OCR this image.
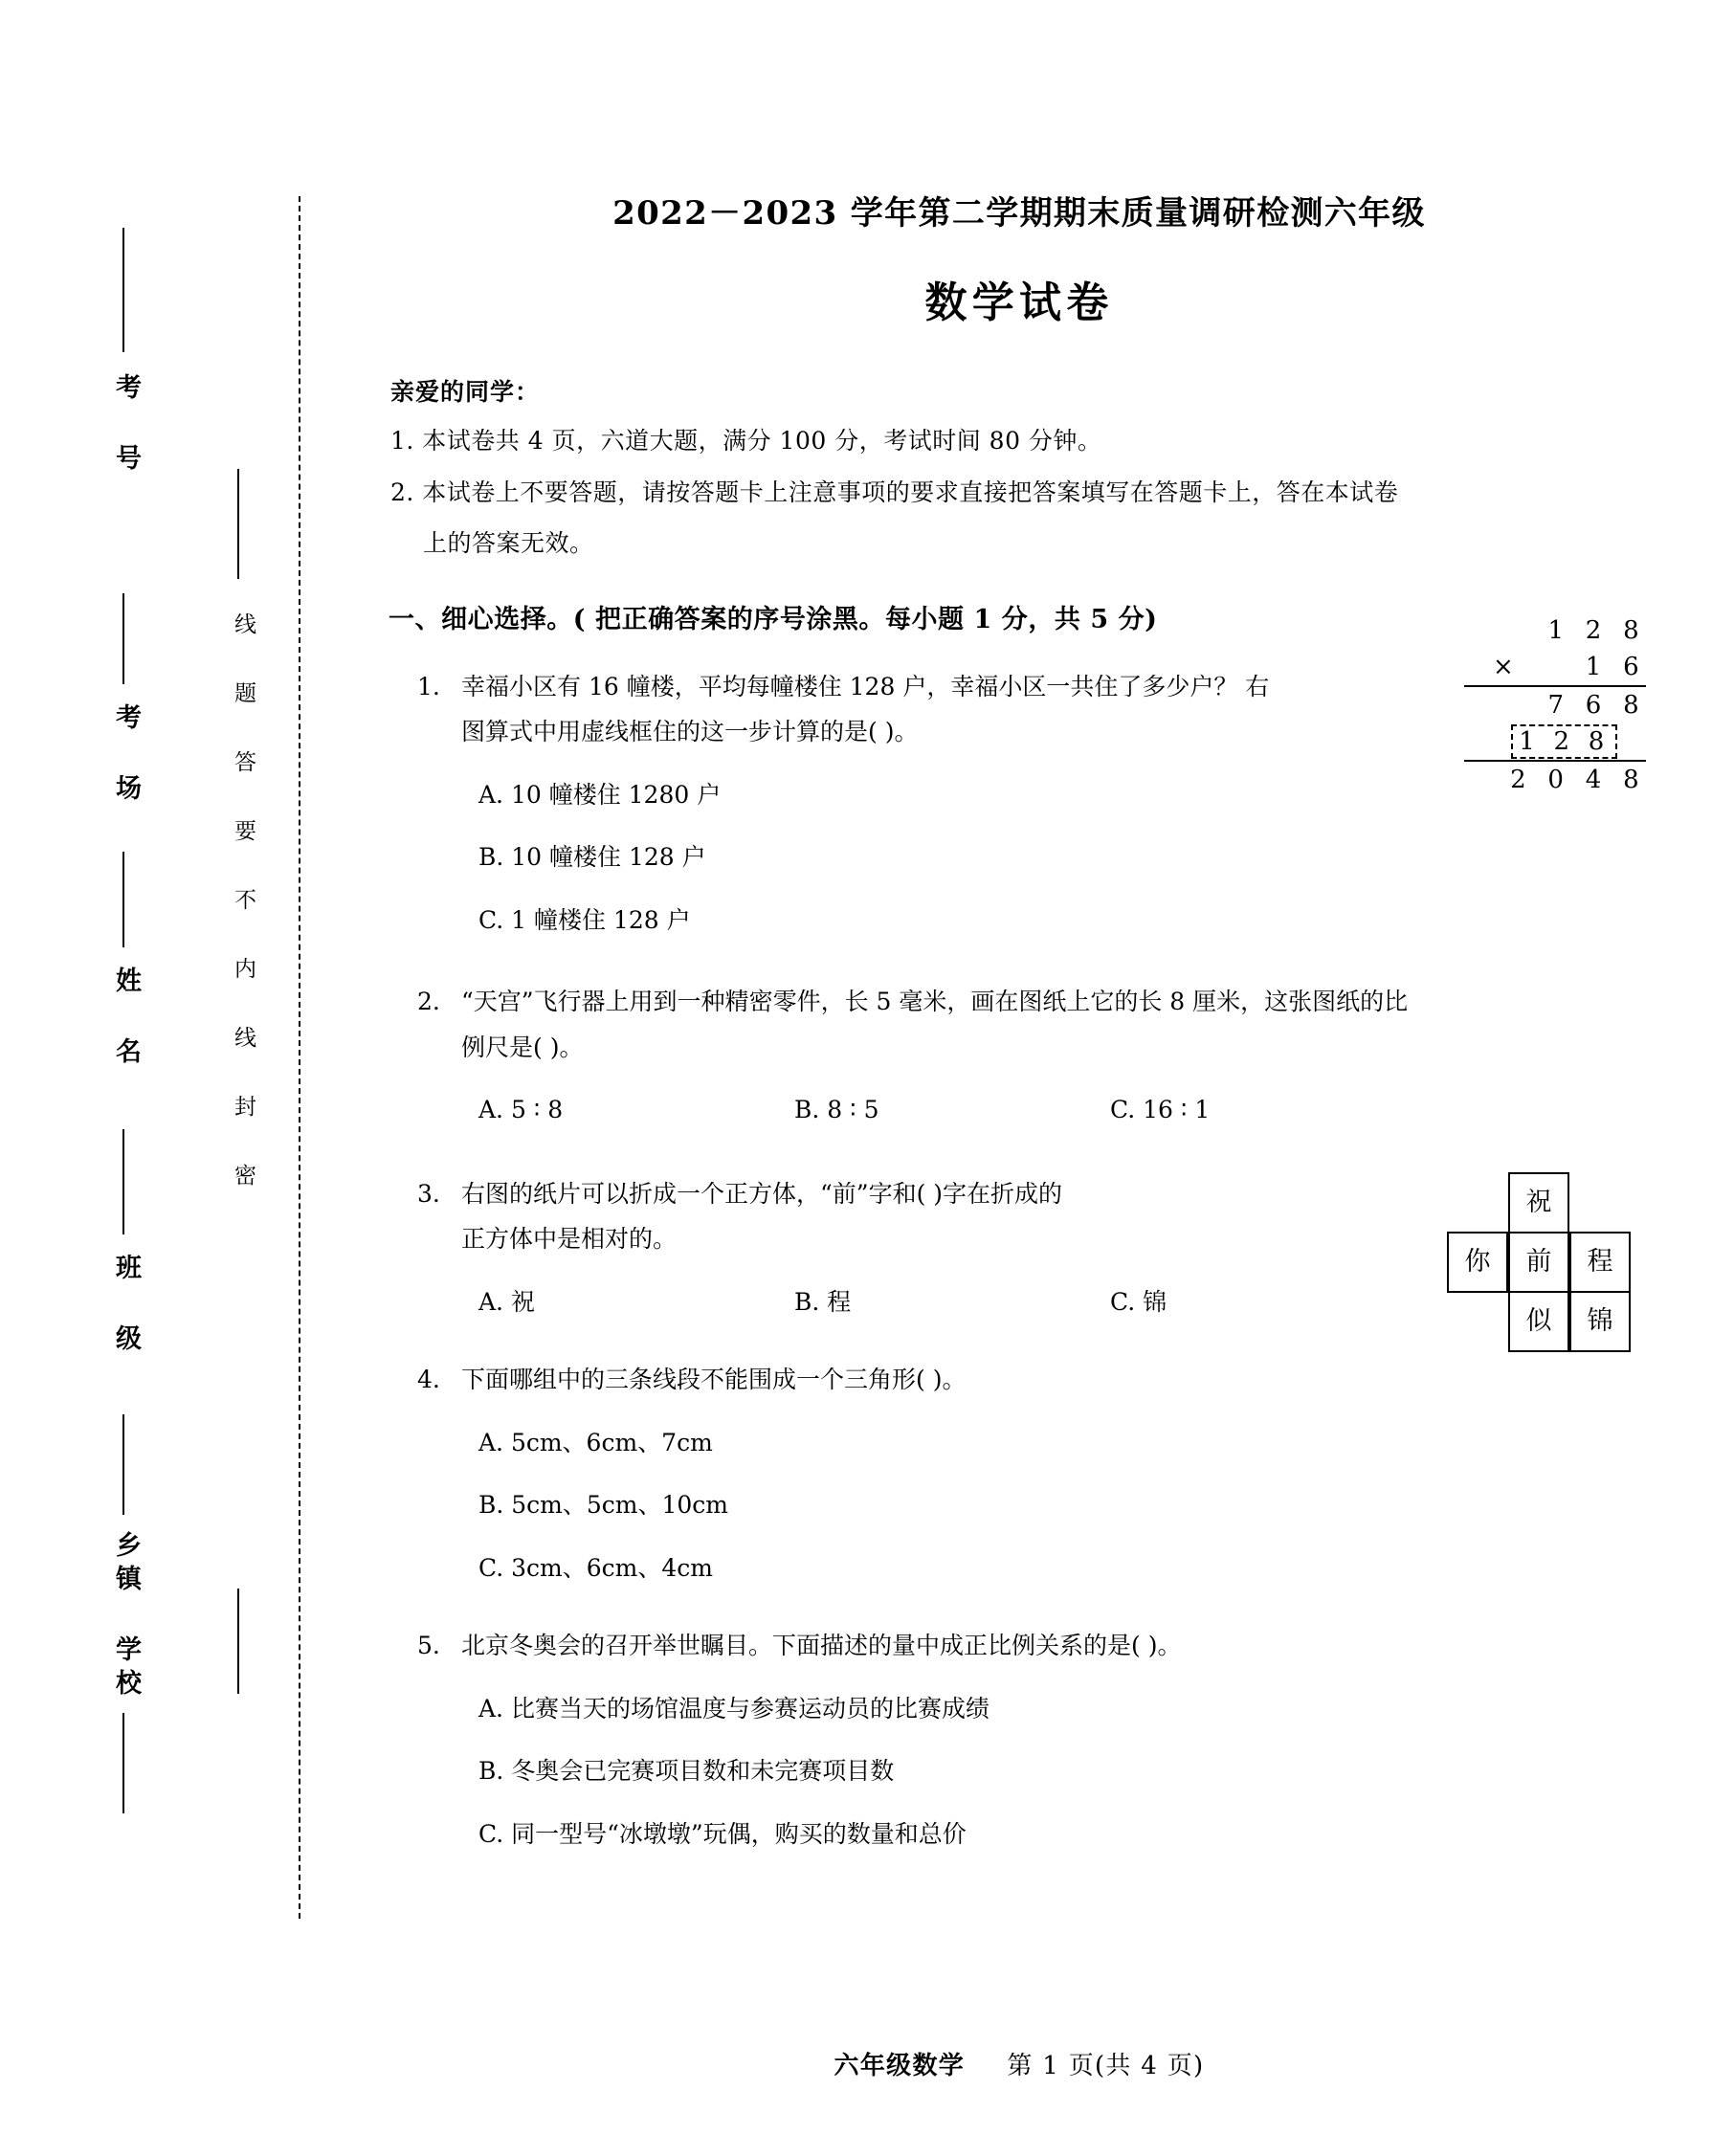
考 号
考 场
姓 名
班 级
乡镇 学校
线 题 答 要 不 内 线 封 密
2022－2023 学年第二学期期末质量调研检测六年级
数学试卷
亲爱的同学：
1. 本试卷共 4 页，六道大题，满分 100 分，考试时间 80 分钟。
2. 本试卷上不要答题，请按答题卡上注意事项的要求直接把答案填写在答题卡上，答在本试卷
上的答案无效。
一、细心选择。( 把正确答案的序号涂黑。每小题 1 分，共 5 分)
1. 幸福小区有 16 幢楼，平均每幢楼住 128 户，幸福小区一共住了多少户？ 右
图算式中用虚线框住的这一步计算的是( )。
A. 10 幢楼住 1280 户
B. 10 幢楼住 128 户
C. 1 幢楼住 128 户
2. “天宫”飞行器上用到一种精密零件，长 5 毫米，画在图纸上它的长 8 厘米，这张图纸的比
例尺是( )。
A. 5 ∶ 8	B. 8 ∶ 5	C. 16 ∶ 1
3. 右图的纸片可以折成一个正方体，“前”字和( )字在折成的
正方体中是相对的。
A. 祝	B. 程	C. 锦
4. 下面哪组中的三条线段不能围成一个三角形( )。
A. 5cm、6cm、7cm
B. 5cm、5cm、10cm
C. 3cm、6cm、4cm
5. 北京冬奥会的召开举世瞩目。下面描述的量中成正比例关系的是( )。
A. 比赛当天的场馆温度与参赛运动员的比赛成绩
B. 冬奥会已完赛项目数和未完赛项目数
C. 同一型号“冰墩墩”玩偶，购买的数量和总价
1 2 8
×	1 6
7 6 8
1 2 8
2 0 4 8
祝
你	前	程
似	锦
六年级数学 第 1 页(共 4 页)
